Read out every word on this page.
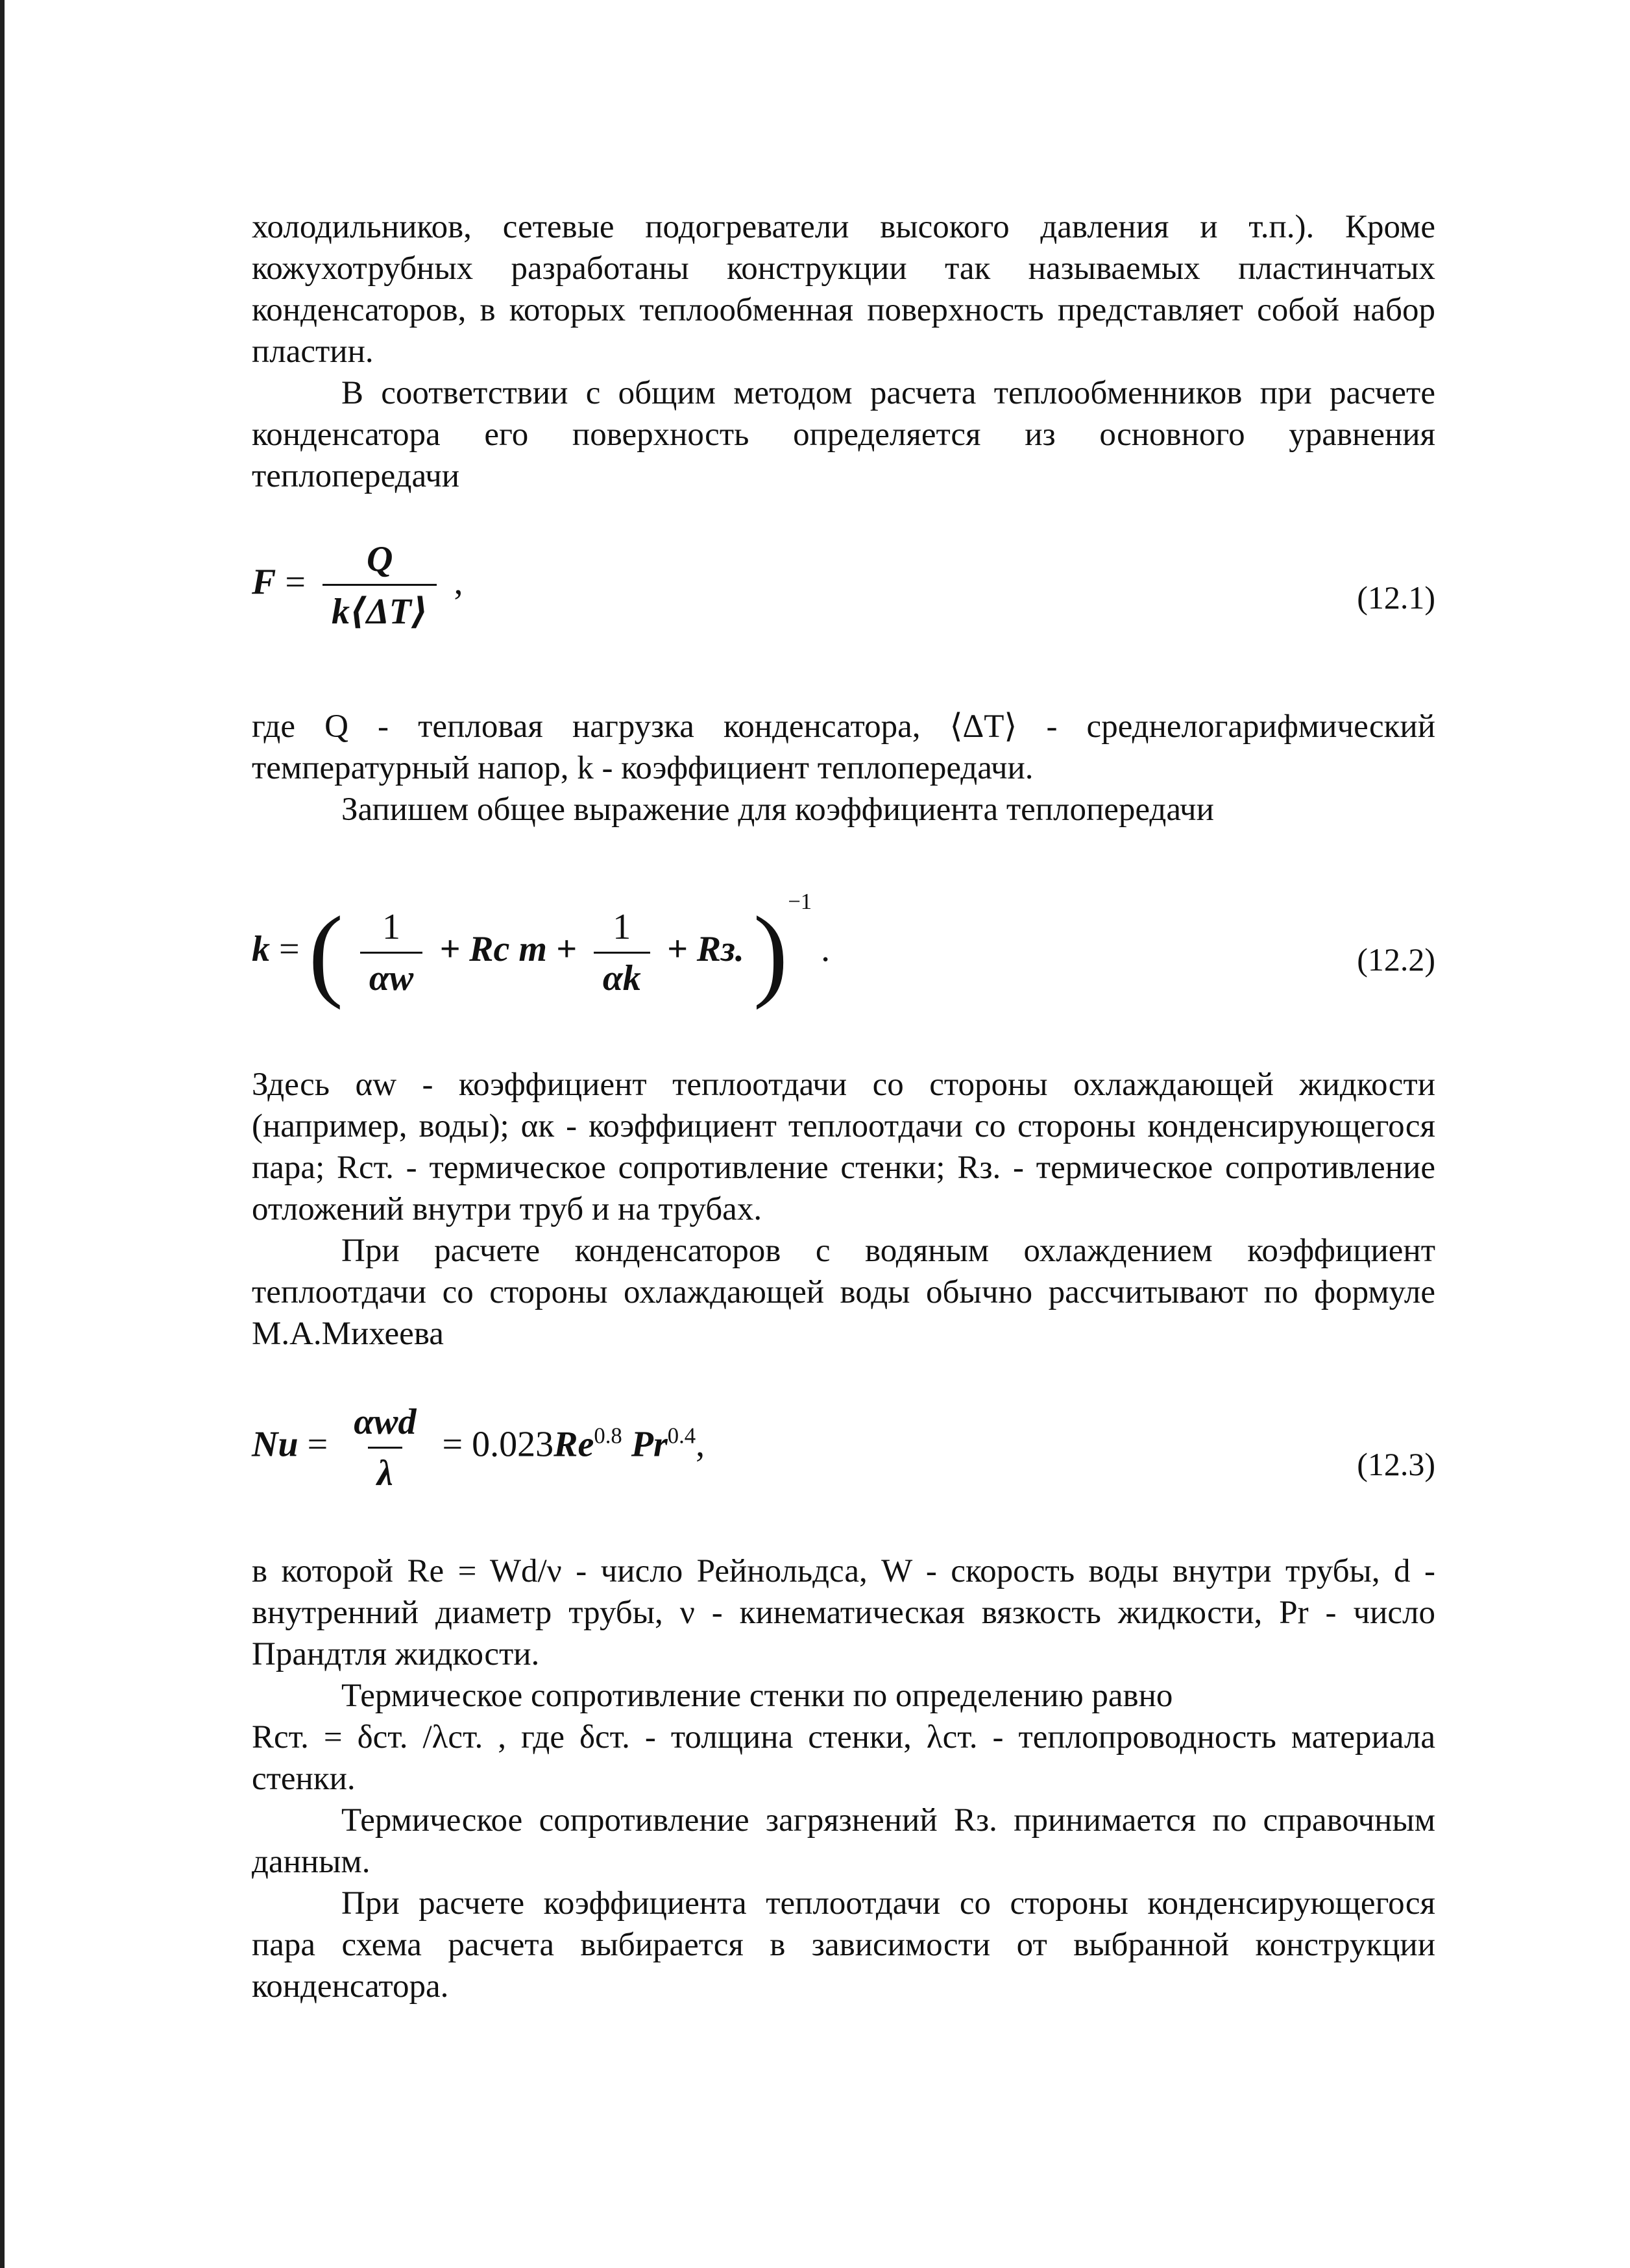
холодильников, сетевые подогреватели высокого давления и т.п.). Кроме кожухотрубных разработаны конструкции так называемых пластинчатых конденсаторов, в которых теплообменная поверхность представляет собой набор пластин.

В соответствии с общим методом расчета теплообменников при расчете конденсатора его поверхность определяется из основного уравнения теплопередачи

$F = \frac{Q}{k⟨\Delta T⟩}$ ,	(12.1)

где Q - тепловая нагрузка конденсатора, ⟨ΔT⟩ - среднелогарифмический температурный напор, k - коэффициент теплопередачи.

Запишем общее выражение для коэффициента теплопередачи

k = ( $\frac{1}{\alpha w}$ + Rс $т + \frac{1}{\alpha k}$ + Rз. )$^{-1}$ .	(12.2)

Здесь αw - коэффициент теплоотдачи со стороны охлаждающей жидкости (например, воды); αк - коэффициент теплоотдачи со стороны конденсирующегося пара; Rст. - термическое сопротивление стенки; Rз. - термическое сопротивление отложений внутри труб и на трубах.

При расчете конденсаторов с водяным охлаждением коэффициент теплоотдачи со стороны охлаждающей воды обычно рассчитывают по формуле М.А.Михеева

$Nu = \frac{\text{αwd}}{\lambda} = 0.023Re^{0.8}$ $Pr^{0.4}$,	(12.3)

в которой Re = Wd/ν - число Рейнольдса, W - скорость воды внутри трубы, d - внутренний диаметр трубы, ν - кинематическая вязкость жидкости, Pr - число Прандтля жидкости.

Термическое сопротивление стенки по определению равно

Rст. = δст. /λст. , где δст. - толщина стенки, λст. - теплопроводность материала стенки.

Термическое сопротивление загрязнений Rз. принимается по справочным данным.

При расчете коэффициента теплоотдачи со стороны конденсирующегося пара схема расчета выбирается в зависимости от выбранной конструкции конденсатора.
